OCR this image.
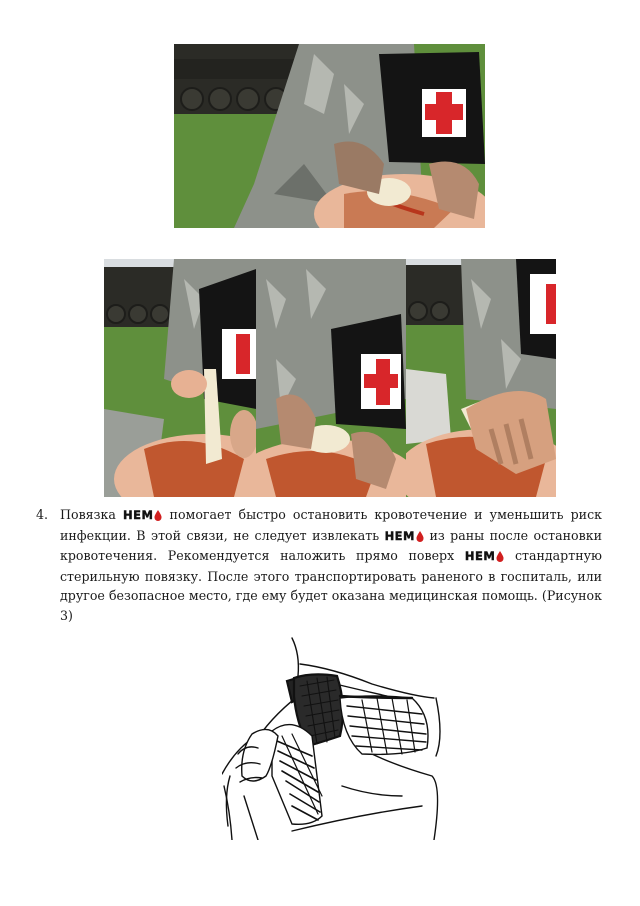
4. Повязка HEM помогает быстро остановить кровотечение и уменьшить риск инфекции. В этой связи, не следует извлекать HEM из раны после остановки кровотечения. Рекомендуется наложить прямо поверх HEM стандартную стерильную повязку. После этого транспортировать раненого в госпиталь, или другое безопасное место, где ему будет оказана медицинская помощь. (Рисунок 3)
